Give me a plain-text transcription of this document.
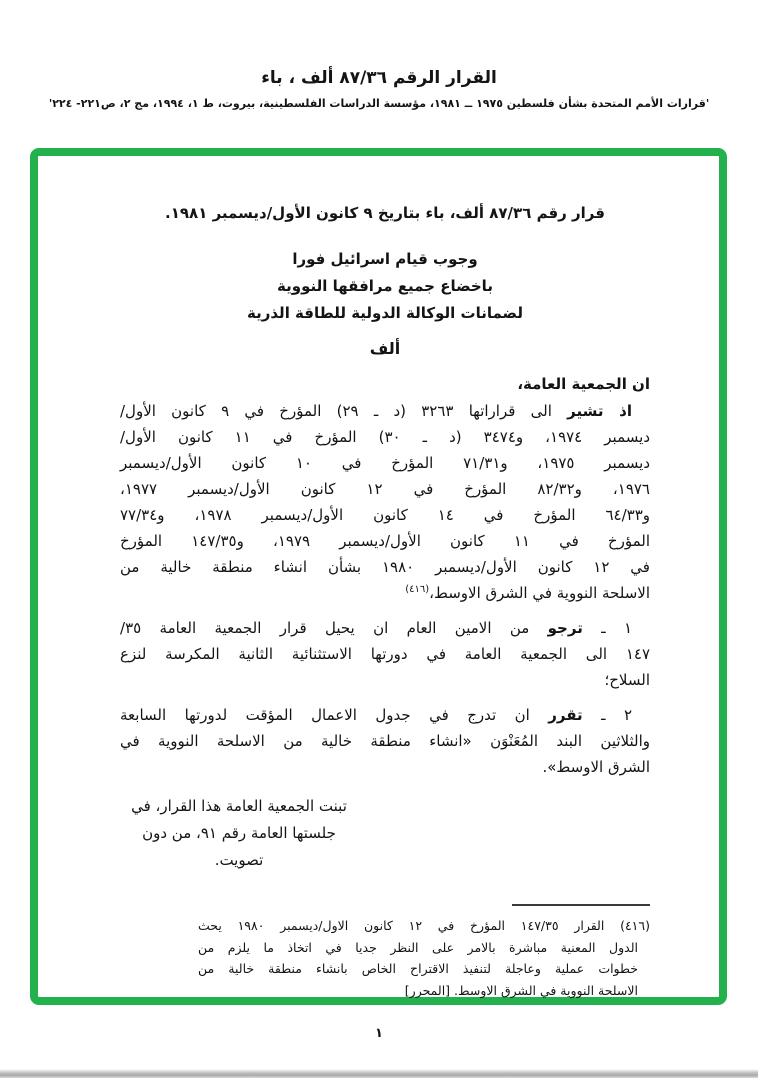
القرار الرقم ٨٧/٣٦ ألف ، باء
'قرارات الأمم المتحدة بشأن فلسطين ١٩٧٥ ــ ١٩٨١، مؤسسة الدراسات الفلسطينية، بيروت، ط ١، ١٩٩٤، مج ٢، ص٢٢١- ٢٢٤'
قرار رقم ٨٧/٣٦ ألف، باء بتاريخ ٩ كانون الأول/ديسمبر ١٩٨١.
وجوب قيام اسرائيل فورا
باخضاع جميع مرافقها النووية
لضمانات الوكالة الدولية للطاقة الذرية
ألف
ان الجمعية العامة،
اذ تشير الى قراراتها ٣٢٦٣ (د ـ ٢٩) المؤرخ في ٩ كانون الأول/
ديسمبر ١٩٧٤، و٣٤٧٤ (د ـ ٣٠) المؤرخ في ١١ كانون الأول/
ديسمبر ١٩٧٥، و٧١/٣١ المؤرخ في ١٠ كانون الأول/ديسمبر
١٩٧٦، و٨٢/٣٢ المؤرخ في ١٢ كانون الأول/ديسمبر ١٩٧٧،
و٦٤/٣٣ المؤرخ في ١٤ كانون الأول/ديسمبر ١٩٧٨، و٧٧/٣٤
المؤرخ في ١١ كانون الأول/ديسمبر ١٩٧٩، و١٤٧/٣٥ المؤرخ
في ١٢ كانون الأول/ديسمبر ١٩٨٠ بشأن انشاء منطقة خالية من
الاسلحة النووية في الشرق الاوسط،$^{(٤١٦)}$
١ ـ ترجو من الامين العام ان يحيل قرار الجمعية العامة ٣٥/
١٤٧ الى الجمعية العامة في دورتها الاستثنائية الثانية المكرسة لنزع
السلاح؛
٢ ـ تقرر ان تدرج في جدول الاعمال المؤقت لدورتها السابعة
والثلاثين البند المُعَنْوَن «انشاء منطقة خالية من الاسلحة النووية في
الشرق الاوسط».
تبنت الجمعية العامة هذا القرار، في
جلستها العامة رقم ٩١، من دون
تصويت.
(٤١٦) القرار ١٤٧/٣٥ المؤرخ في ١٢ كانون الاول/ديسمبر ١٩٨٠ يحث
الدول المعنية مباشرة بالامر على النظر جديا في اتخاذ ما يلزم من
خطوات عملية وعاجلة لتنفيذ الاقتراح الخاص بانشاء منطقة خالية من
الاسلحة النووية في الشرق الاوسط. [المحرر]
١
